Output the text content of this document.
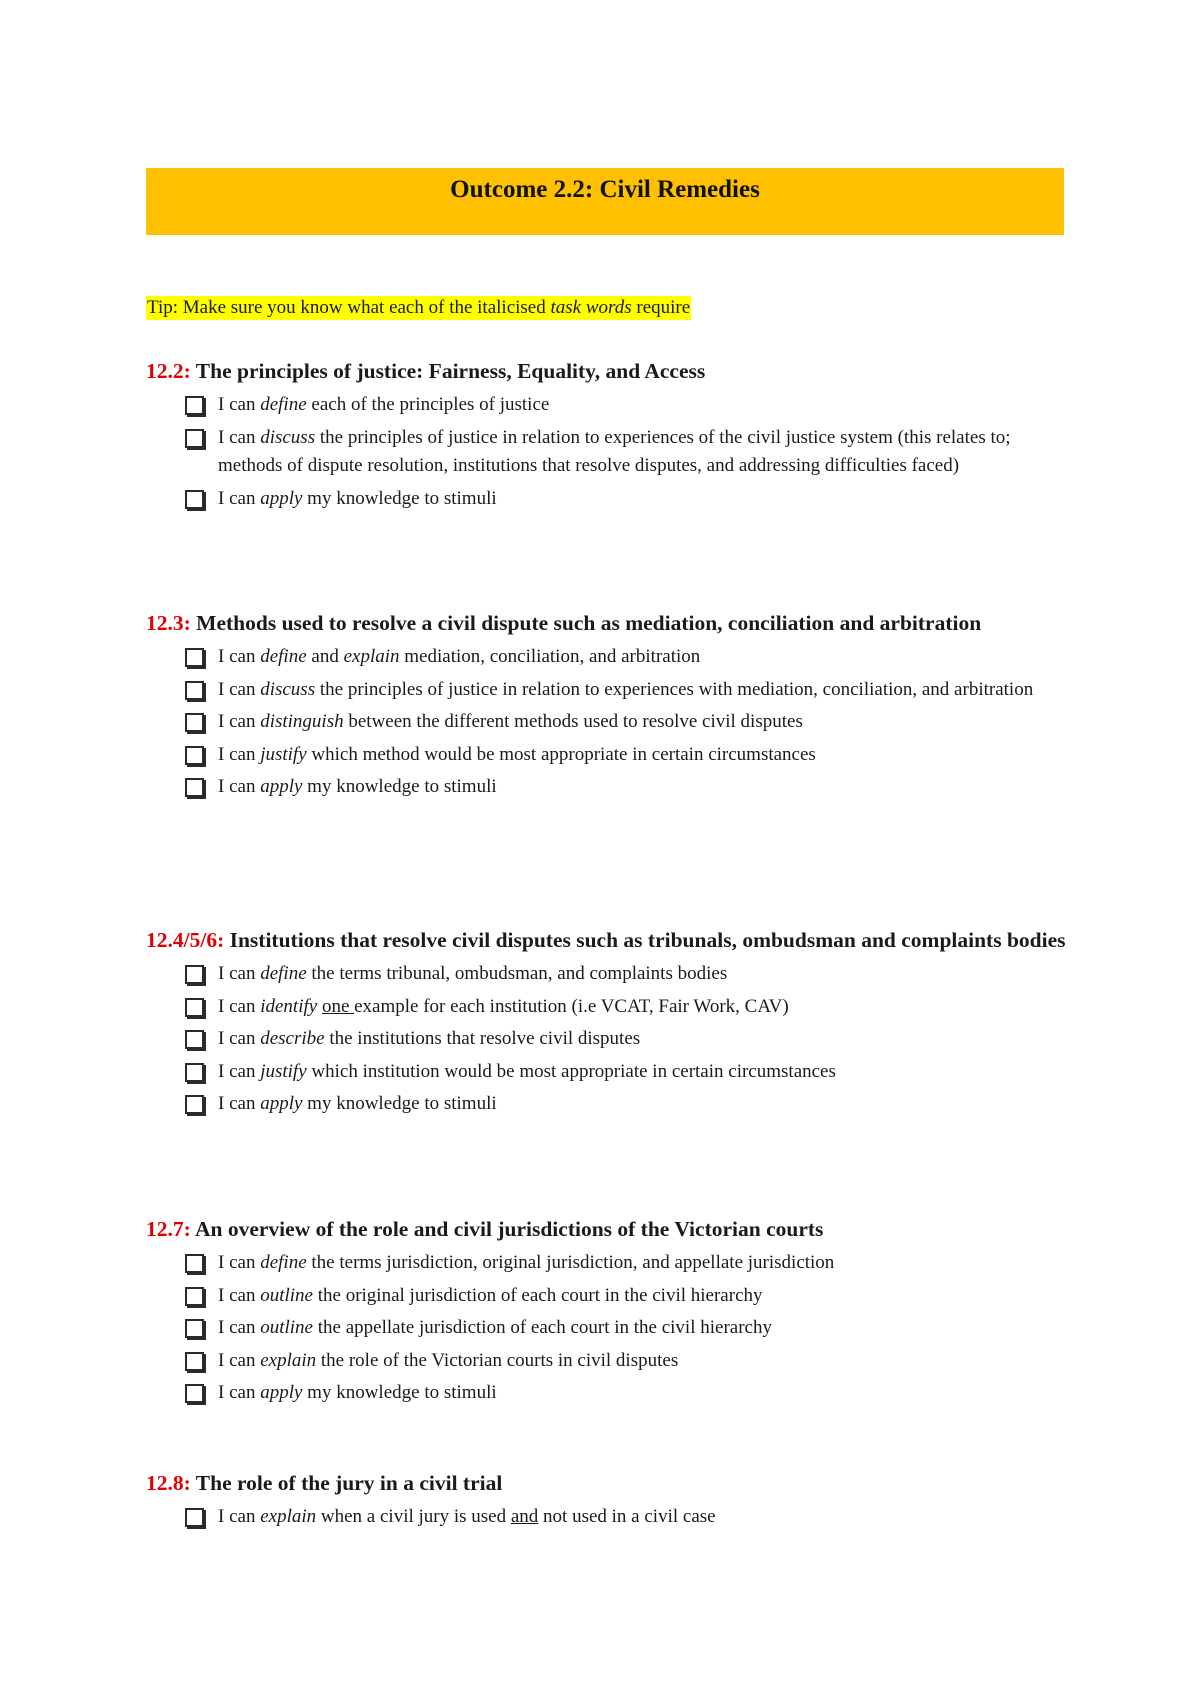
Outcome 2.2: Civil Remedies
Tip: Make sure you know what each of the italicised task words require
12.2: The principles of justice: Fairness, Equality, and Access
I can define each of the principles of justice
I can discuss the principles of justice in relation to experiences of the civil justice system (this relates to; methods of dispute resolution, institutions that resolve disputes, and addressing difficulties faced)
I can apply my knowledge to stimuli
12.3: Methods used to resolve a civil dispute such as mediation, conciliation and arbitration
I can define and explain mediation, conciliation, and arbitration
I can discuss the principles of justice in relation to experiences with mediation, conciliation, and arbitration
I can distinguish between the different methods used to resolve civil disputes
I can justify which method would be most appropriate in certain circumstances
I can apply my knowledge to stimuli
12.4/5/6: Institutions that resolve civil disputes such as tribunals, ombudsman and complaints bodies
I can define the terms tribunal, ombudsman, and complaints bodies
I can identify one example for each institution (i.e VCAT, Fair Work, CAV)
I can describe the institutions that resolve civil disputes
I can justify which institution would be most appropriate in certain circumstances
I can apply my knowledge to stimuli
12.7: An overview of the role and civil jurisdictions of the Victorian courts
I can define the terms jurisdiction, original jurisdiction, and appellate jurisdiction
I can outline the original jurisdiction of each court in the civil hierarchy
I can outline the appellate jurisdiction of each court in the civil hierarchy
I can explain the role of the Victorian courts in civil disputes
I can apply my knowledge to stimuli
12.8: The role of the jury in a civil trial
I can explain when a civil jury is used and not used in a civil case
